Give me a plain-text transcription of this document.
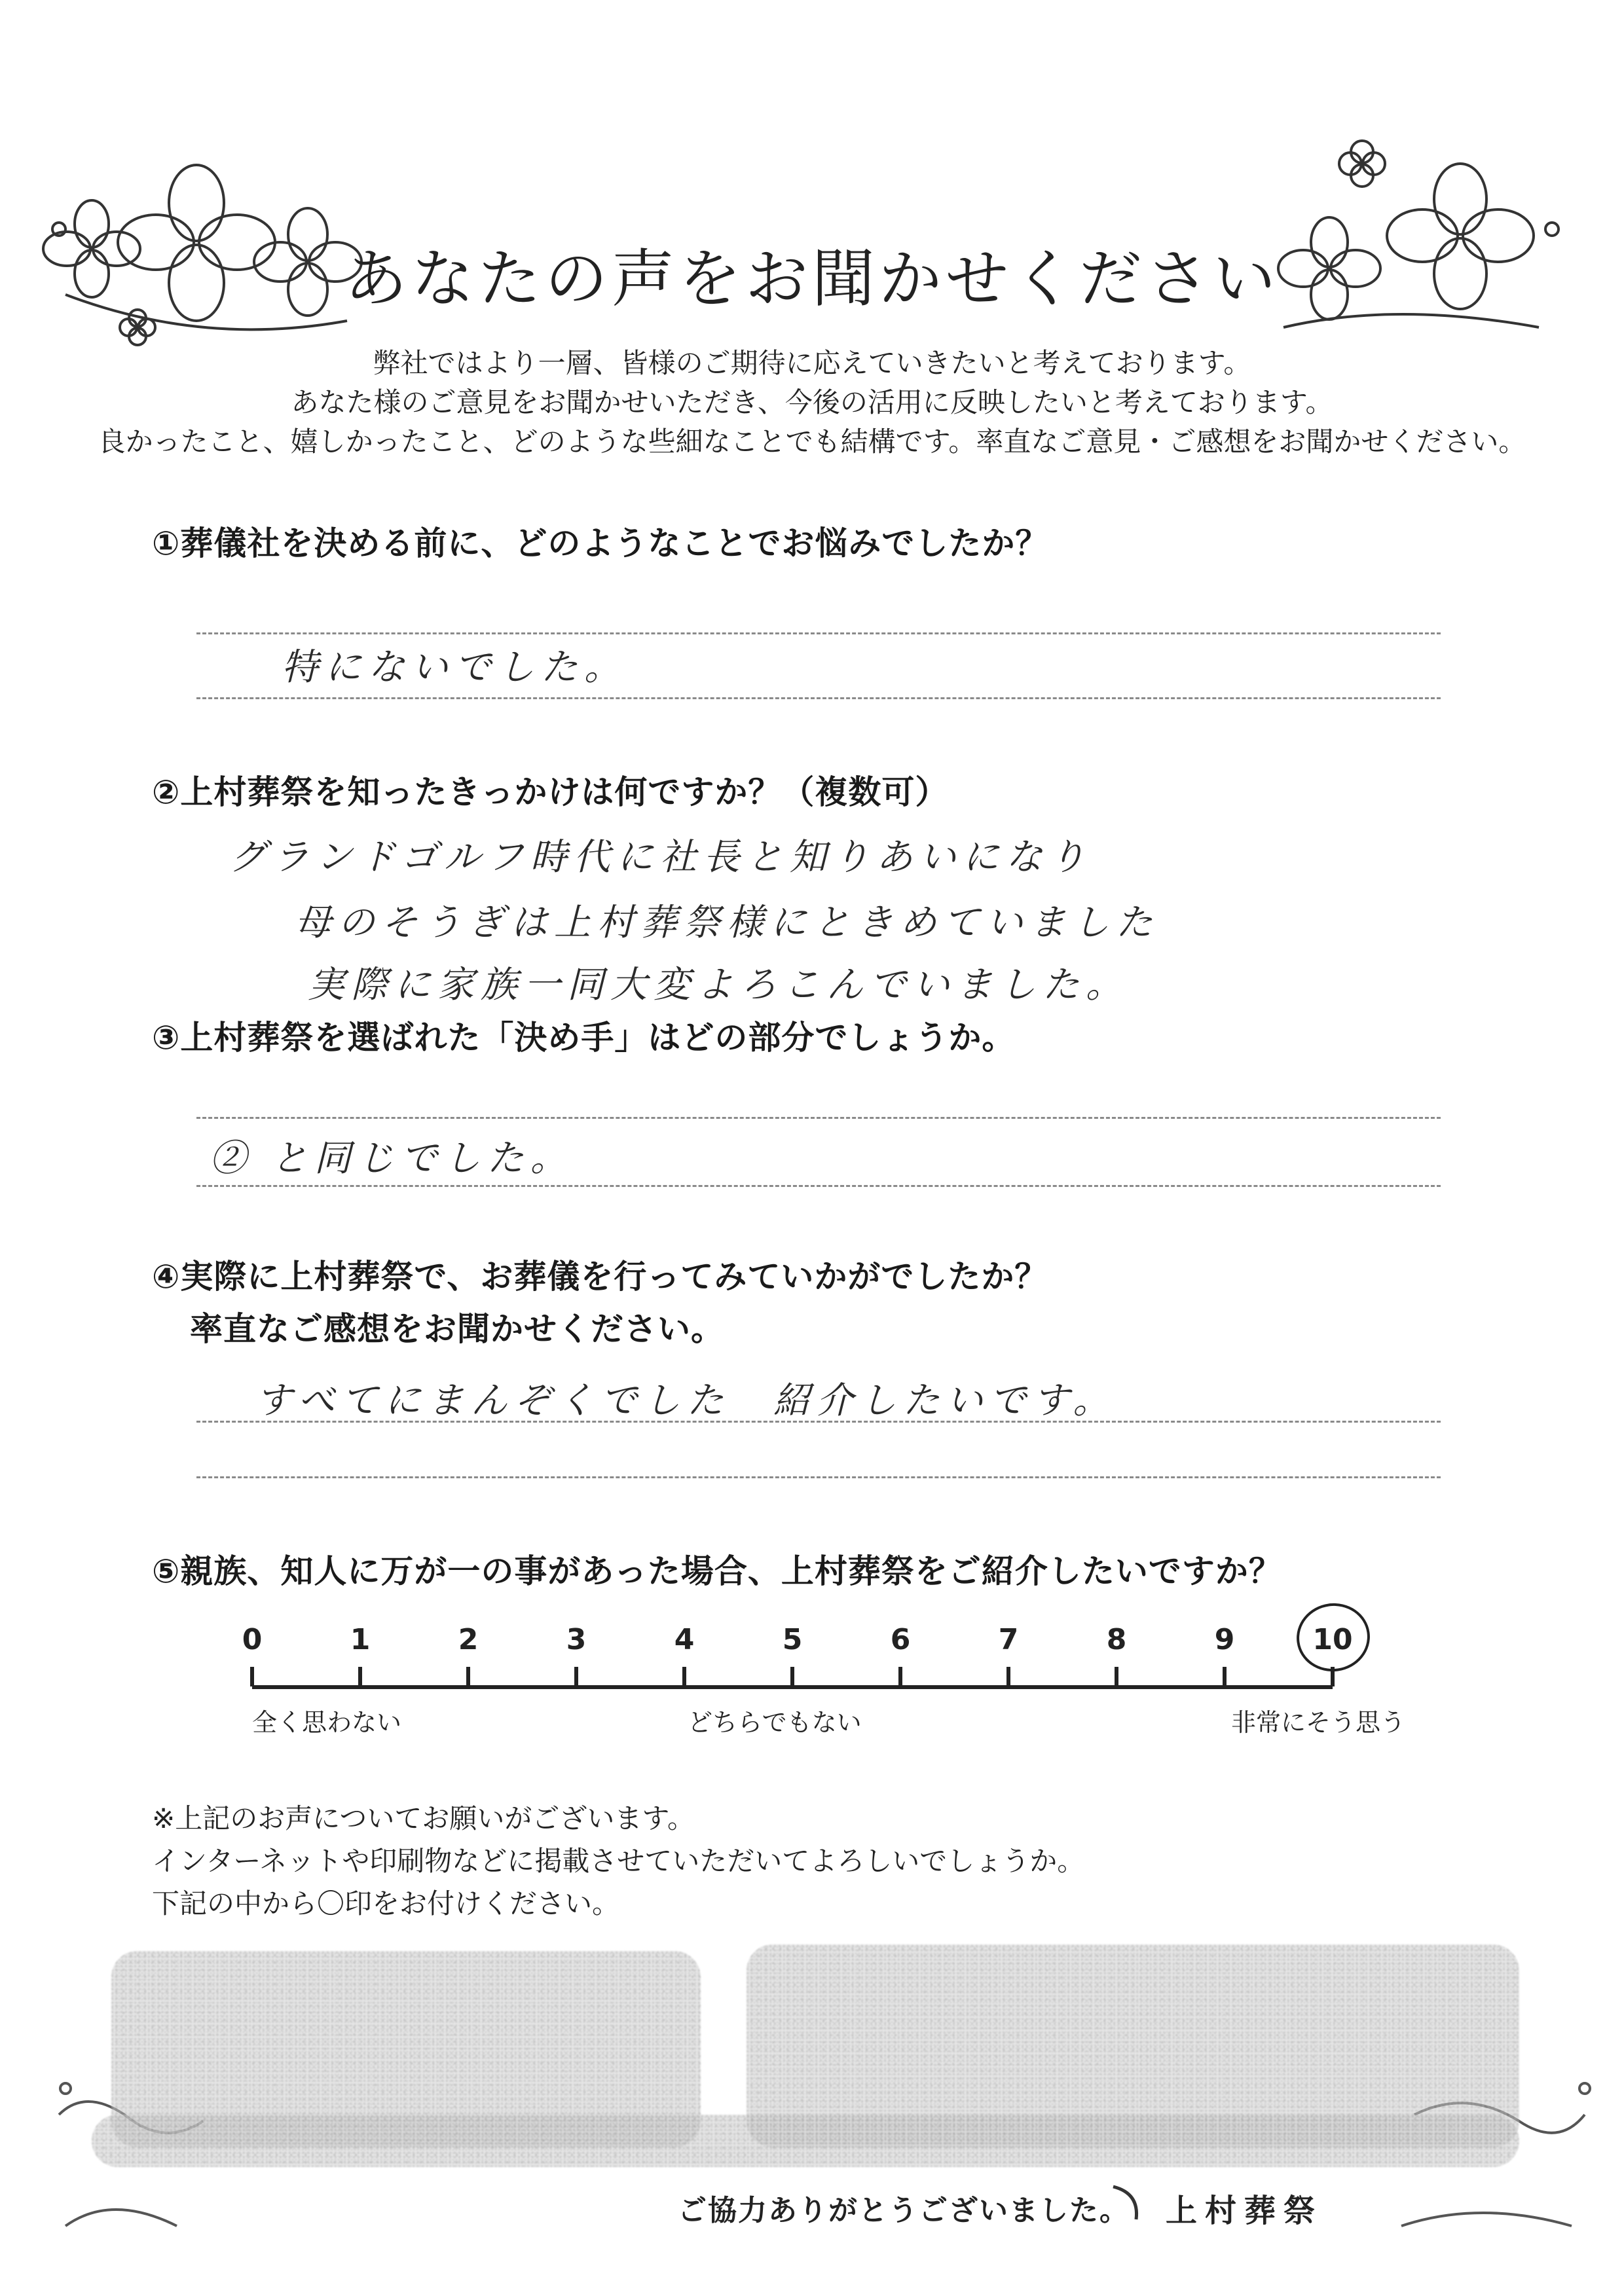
あなたの声をお聞かせください
弊社ではより一層、皆様のご期待に応えていきたいと考えております。
あなた様のご意見をお聞かせいただき、今後の活用に反映したいと考えております。
良かったこと、嬉しかったこと、どのような些細なことでも結構です。率直なご意見・ご感想をお聞かせください。
①葬儀社を決める前に、どのようなことでお悩みでしたか？
特にないでした。
②上村葬祭を知ったきっかけは何ですか？（複数可）
グランドゴルフ時代に社長と知りあいになり
母のそうぎは上村葬祭様にときめていました
実際に家族一同大変よろこんでいました。
③上村葬祭を選ばれた「決め手」はどの部分でしょうか。
② と同じでした。
④実際に上村葬祭で、お葬儀を行ってみていかがでしたか？
率直なご感想をお聞かせください。
すべてにまんぞくでした　紹介したいです。
⑤親族、知人に万が一の事があった場合、上村葬祭をご紹介したいですか？
0	1	2	3	4	5	6	7	8	9	10
全く思わない	どちらでもない	非常にそう思う
※上記のお声についてお願いがございます。
インターネットや印刷物などに掲載させていただいてよろしいでしょうか。
下記の中から〇印をお付けください。
ご協力ありがとうございました。 上村葬祭
